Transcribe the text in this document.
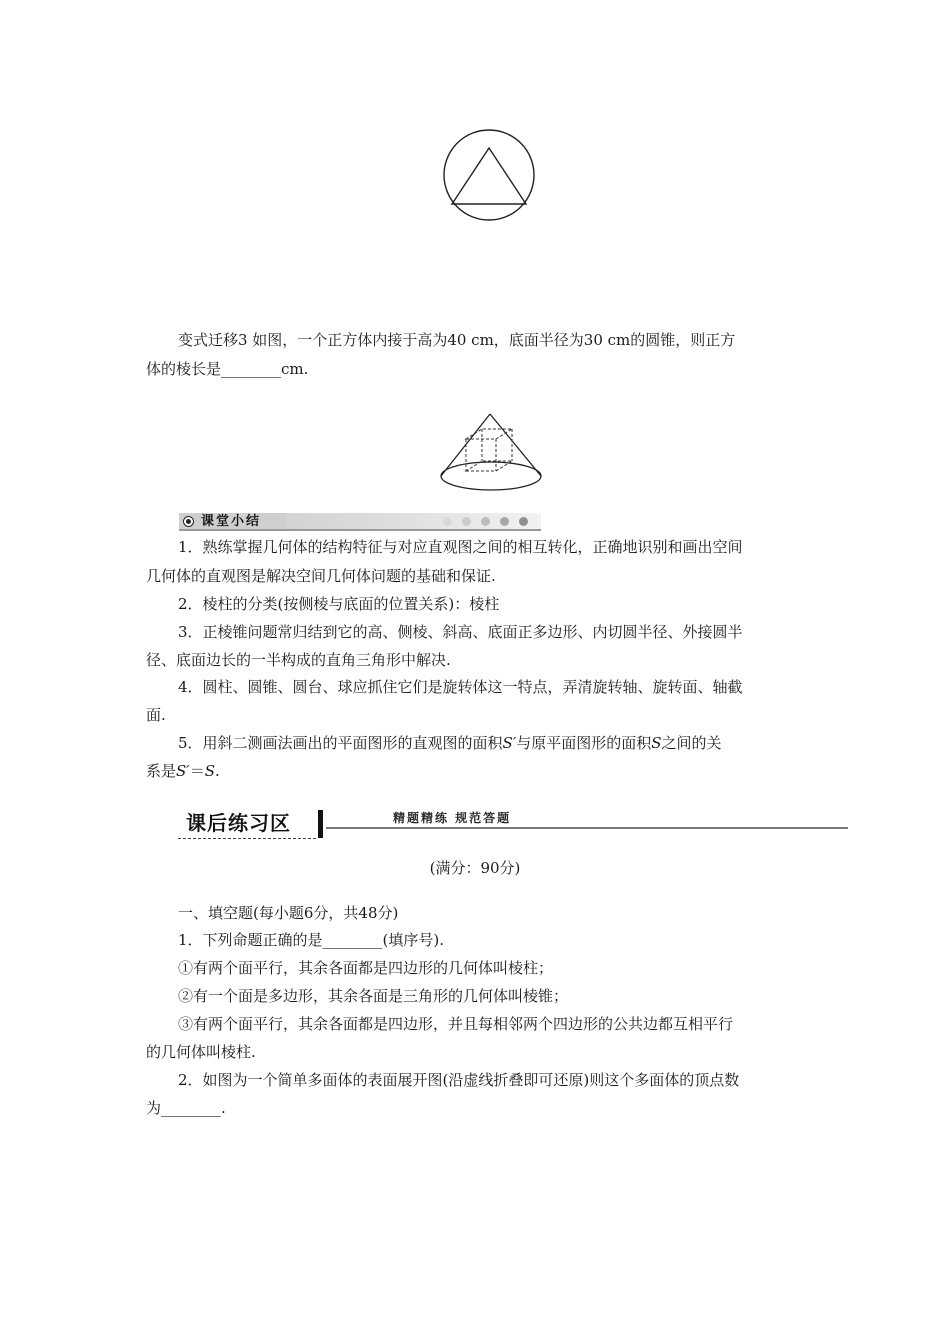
变式迁移3 如图，一个正方体内接于高为40 cm，底面半径为30 cm的圆锥，则正方
体的棱长是________cm.
课堂小结
1．熟练掌握几何体的结构特征与对应直观图之间的相互转化，正确地识别和画出空间
几何体的直观图是解决空间几何体问题的基础和保证.
2．棱柱的分类(按侧棱与底面的位置关系)：棱柱
3．正棱锥问题常归结到它的高、侧棱、斜高、底面正多边形、内切圆半径、外接圆半
径、底面边长的一半构成的直角三角形中解决.
4．圆柱、圆锥、圆台、球应抓住它们是旋转体这一特点，弄清旋转轴、旋转面、轴截
面.
5．用斜二测画法画出的平面图形的直观图的面积S′与原平面图形的面积S之间的关
系是S′＝S.
课后练习区	精题精练 规范答题
(满分：90分)
一、填空题(每小题6分，共48分)
1．下列命题正确的是________(填序号).
①有两个面平行，其余各面都是四边形的几何体叫棱柱；
②有一个面是多边形，其余各面是三角形的几何体叫棱锥；
③有两个面平行，其余各面都是四边形，并且每相邻两个四边形的公共边都互相平行
的几何体叫棱柱.
2．如图为一个简单多面体的表面展开图(沿虚线折叠即可还原)则这个多面体的顶点数
为________.
